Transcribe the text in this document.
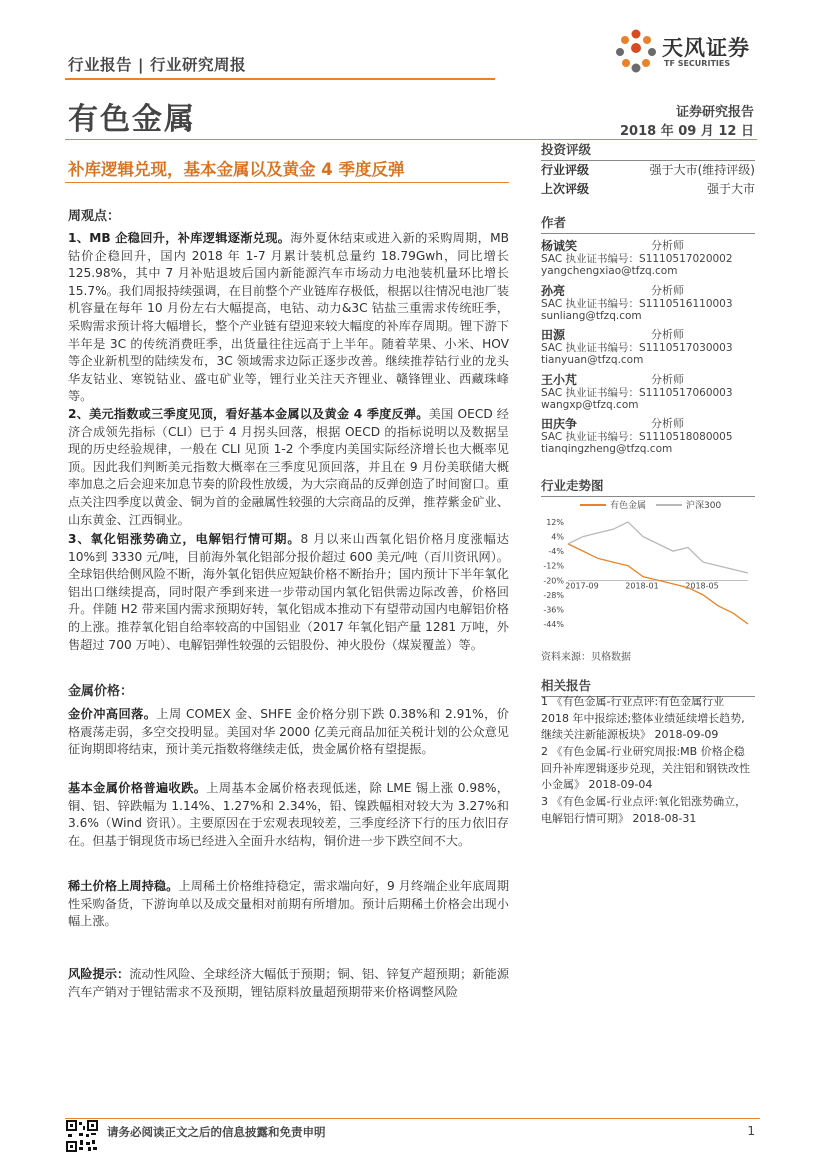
行业报告 | 行业研究周报
天风证券
TF SECURITIES
有色金属	证券研究报告
2018 年 09 月 12 日
补库逻辑兑现，基本金属以及黄金 4 季度反弹
周观点：
1、MB 企稳回升，补库逻辑逐渐兑现。海外夏休结束或进入新的采购周期，MB 钴价企稳回升，国内 2018 年 1-7 月累计装机总量约 18.79Gwh，同比增长 125.98%，其中 7 月补贴退坡后国内新能源汽车市场动力电池装机量环比增长 15.7%。我们周报持续强调，在目前整个产业链库存极低，根据以往情况电池厂装机容量在每年 10 月份左右大幅提高，电钴、动力&3C 钴盐三重需求传统旺季，采购需求预计将大幅增长，整个产业链有望迎来较大幅度的补库存周期。锂下游下半年是 3C 的传统消费旺季，出货量往往远高于上半年。随着苹果、小米、HOV 等企业新机型的陆续发布，3C 领域需求边际正逐步改善。继续推荐钴行业的龙头华友钴业、寒锐钴业、盛屯矿业等，锂行业关注天齐锂业、赣锋锂业、西藏珠峰等。
2、美元指数或三季度见顶，看好基本金属以及黄金 4 季度反弹。美国 OECD 经济合成领先指标（CLI）已于 4 月拐头回落，根据 OECD 的指标说明以及数据呈现的历史经验规律，一般在 CLI 见顶 1-2 个季度内美国实际经济增长也大概率见顶。因此我们判断美元指数大概率在三季度见顶回落，并且在 9 月份美联储大概率加息之后会迎来加息节奏的阶段性放缓，为大宗商品的反弹创造了时间窗口。重点关注四季度以黄金、铜为首的金融属性较强的大宗商品的反弹，推荐紫金矿业、山东黄金、江西铜业。
3、氧化铝涨势确立，电解铝行情可期。8 月以来山西氧化铝价格月度涨幅达 10%到 3330 元/吨，目前海外氧化铝部分报价超过 600 美元/吨（百川资讯网）。全球铝供给侧风险不断，海外氧化铝供应短缺价格不断抬升；国内预计下半年氧化铝出口继续提高，同时限产季到来进一步带动国内氧化铝供需边际改善，价格回升。伴随 H2 带来国内需求预期好转，氧化铝成本推动下有望带动国内电解铝价格的上涨。推荐氧化铝自给率较高的中国铝业（2017 年氧化铝产量 1281 万吨，外售超过 700 万吨）、电解铝弹性较强的云铝股份、神火股份（煤炭覆盖）等。
金属价格：
金价冲高回落。上周 COMEX 金、SHFE 金价格分别下跌 0.38%和 2.91%，价格震荡走弱，多空交投明显。美国对华 2000 亿美元商品加征关税计划的公众意见征询期即将结束，预计美元指数将继续走低，贵金属价格有望提振。
基本金属价格普遍收跌。上周基本金属价格表现低迷，除 LME 锡上涨 0.98%，铜、铝、锌跌幅为 1.14%、1.27%和 2.34%，铅、镍跌幅相对较大为 3.27%和 3.6%（Wind 资讯）。主要原因在于宏观表现较差，三季度经济下行的压力依旧存在。但基于铜现货市场已经进入全面升水结构，铜价进一步下跌空间不大。
稀土价格上周持稳。上周稀土价格维持稳定，需求端向好，9 月终端企业年底周期性采购备货，下游询单以及成交量相对前期有所增加。预计后期稀土价格会出现小幅上涨。
风险提示：流动性风险、全球经济大幅低于预期；铜、铝、锌复产超预期；新能源汽车产销对于锂钴需求不及预期，锂钴原料放量超预期带来价格调整风险
投资评级
行业评级	强于大市(维持评级)
上次评级	强于大市
作者
杨诚笑	分析师
SAC 执业证书编号：S1110517020002
yangchengxiao@tfzq.com
孙亮	分析师
SAC 执业证书编号：S1110516110003
sunliang@tfzq.com
田源	分析师
SAC 执业证书编号：S1110517030003
tianyuan@tfzq.com
王小芃	分析师
SAC 执业证书编号：S1110517060003
wangxp@tfzq.com
田庆争	分析师
SAC 执业证书编号：S1110518080005
tianqingzheng@tfzq.com
行业走势图
12%
4%
-4%
-12%
-20%
-28%
-36%
-44%
2017-09	2018-01	2018-05
有色金属	沪深300
资料来源：贝格数据
相关报告
1 《有色金属-行业点评:有色金属行业 2018 年中报综述;整体业绩延续增长趋势,继续关注新能源板块》 2018-09-09
2 《有色金属-行业研究周报:MB 价格企稳回升补库逻辑逐步兑现，关注铝和钢铁改性小金属》 2018-09-04
3 《有色金属-行业点评:氧化铝涨势确立，电解铝行情可期》 2018-08-31
请务必阅读正文之后的信息披露和免责申明	1
